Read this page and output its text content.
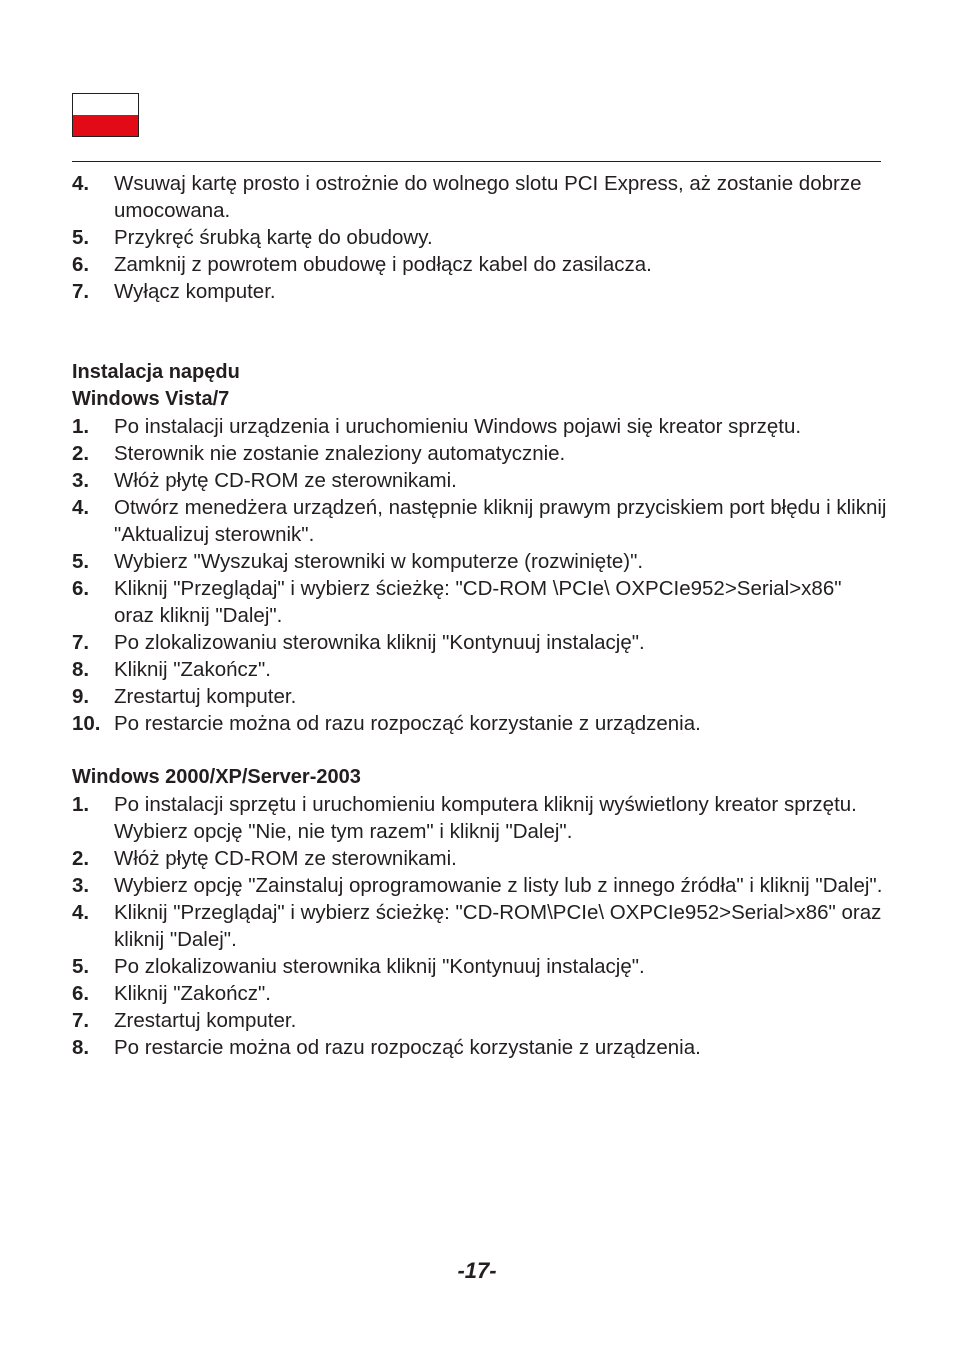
4.	Wsuwaj kartę prosto i ostrożnie do wolnego slotu PCI Express, aż zostanie dobrze umocowana.
5.	Przykręć śrubką kartę do obudowy.
6.	Zamknij z powrotem obudowę i podłącz kabel do zasilacza.
7.	Wyłącz komputer.
Instalacja napędu
Windows Vista/7
1.	Po instalacji urządzenia i uruchomieniu Windows pojawi się kreator sprzętu.
2.	Sterownik nie zostanie znaleziony automatycznie.
3.	Włóż płytę CD-ROM ze sterownikami.
4.	Otwórz menedżera urządzeń, następnie kliknij prawym przyciskiem port błędu i kliknij "Aktualizuj sterownik".
5.	Wybierz "Wyszukaj sterowniki w komputerze (rozwinięte)".
6.	Kliknij "Przeglądaj" i wybierz ścieżkę: "CD-ROM \PCIe\ OXPCIe952>Serial>x86" oraz kliknij "Dalej".
7.	Po zlokalizowaniu sterownika kliknij "Kontynuuj instalację".
8.	Kliknij "Zakończ".
9.	Zrestartuj komputer.
10. Po restarcie można od razu rozpocząć korzystanie z urządzenia.
Windows 2000/XP/Server-2003
1.	Po instalacji sprzętu i uruchomieniu komputera kliknij wyświetlony kreator sprzętu. Wybierz opcję "Nie, nie tym razem" i kliknij "Dalej".
2.	Włóż płytę CD-ROM ze sterownikami.
3.	Wybierz opcję "Zainstaluj oprogramowanie z listy lub z innego źródła" i kliknij "Dalej".
4.	Kliknij "Przeglądaj" i wybierz ścieżkę: "CD-ROM\PCIe\ OXPCIe952>Serial>x86" oraz kliknij "Dalej".
5.	Po zlokalizowaniu sterownika kliknij "Kontynuuj instalację".
6.	Kliknij "Zakończ".
7.	Zrestartuj komputer.
8.	Po restarcie można od razu rozpocząć korzystanie z urządzenia.
-17-
